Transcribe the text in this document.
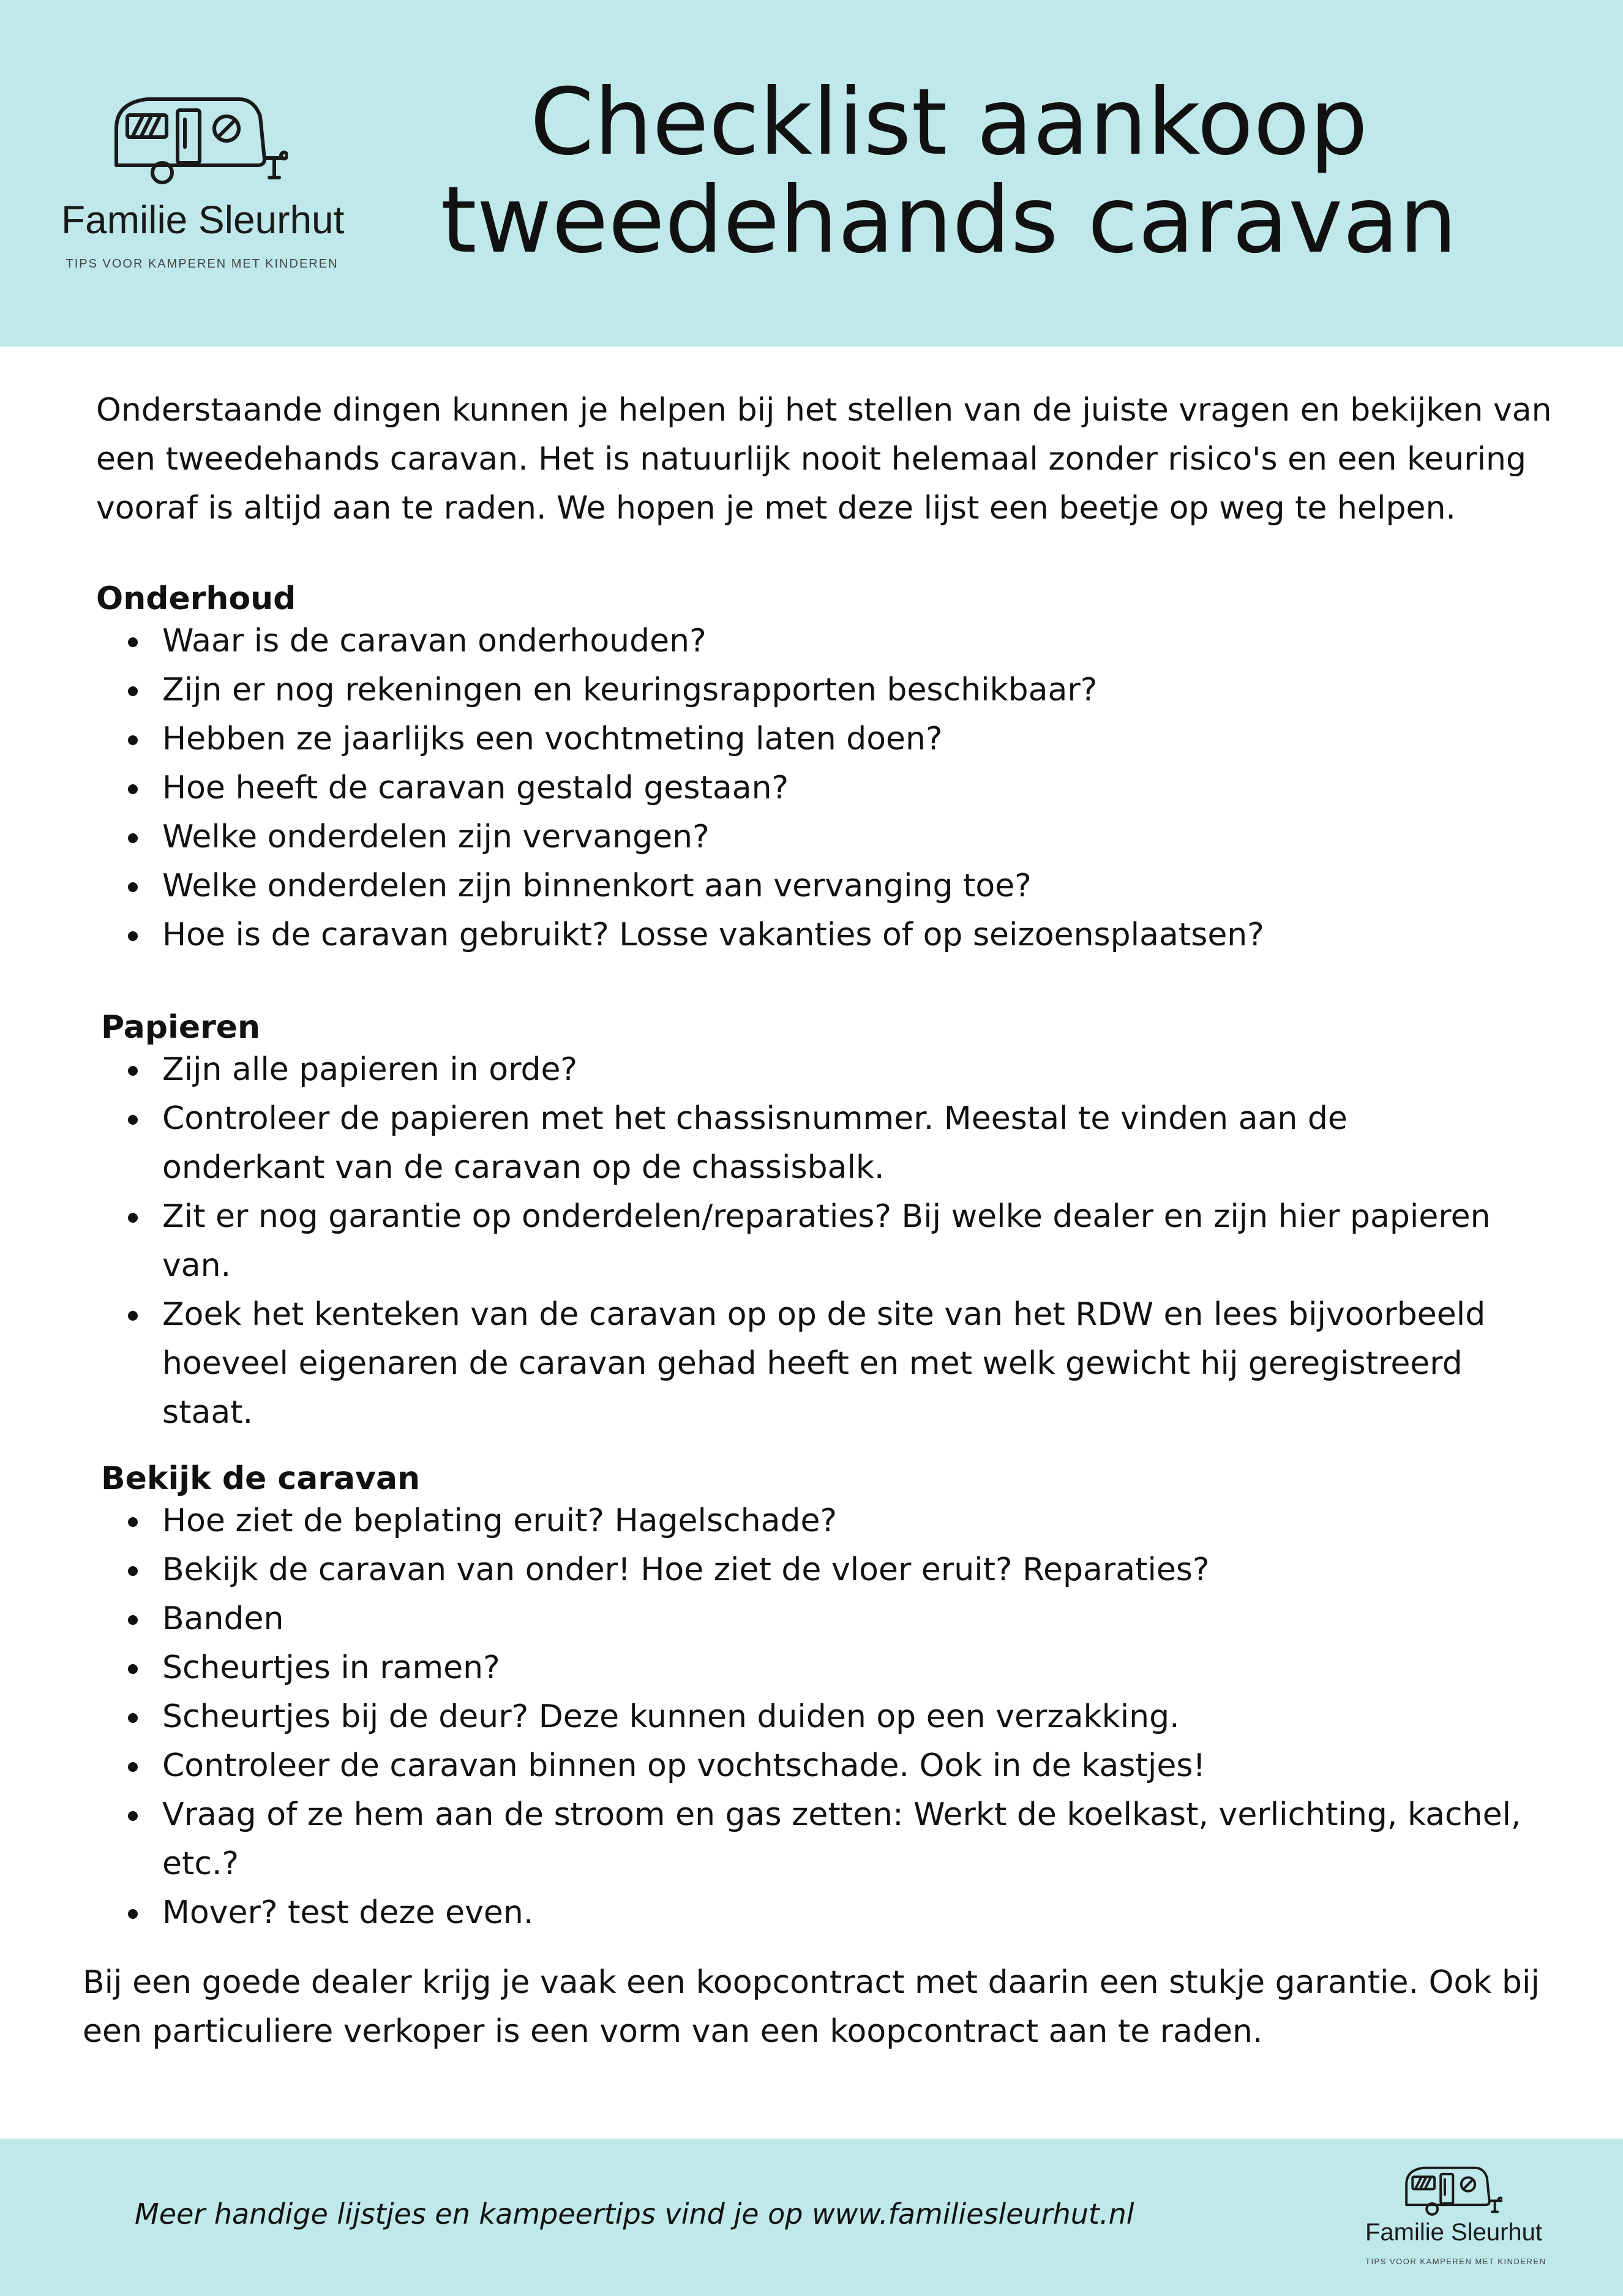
Familie Sleurhut
TIPS VOOR KAMPEREN MET KINDEREN
Checklist aankoop
tweedehands caravan

Onderstaande dingen kunnen je helpen bij het stellen van de juiste vragen en bekijken van een tweedehands caravan. Het is natuurlijk nooit helemaal zonder risico's en een keuring vooraf is altijd aan te raden. We hopen je met deze lijst een beetje op weg te helpen.

Onderhoud
Waar is de caravan onderhouden?
Zijn er nog rekeningen en keuringsrapporten beschikbaar?
Hebben ze jaarlijks een vochtmeting laten doen?
Hoe heeft de caravan gestald gestaan?
Welke onderdelen zijn vervangen?
Welke onderdelen zijn binnenkort aan vervanging toe?
Hoe is de caravan gebruikt? Losse vakanties of op seizoensplaatsen?
Papieren
Zijn alle papieren in orde?
Controleer de papieren met het chassisnummer. Meestal te vinden aan de onderkant van de caravan op de chassisbalk.
Zit er nog garantie op onderdelen/reparaties? Bij welke dealer en zijn hier papieren van.
Zoek het kenteken van de caravan op op de site van het RDW en lees bijvoorbeeld hoeveel eigenaren de caravan gehad heeft en met welk gewicht hij geregistreerd staat.
Bekijk de caravan
Hoe ziet de beplating eruit? Hagelschade?
Bekijk de caravan van onder! Hoe ziet de vloer eruit? Reparaties?
Banden
Scheurtjes in ramen?
Scheurtjes bij de deur? Deze kunnen duiden op een verzakking.
Controleer de caravan binnen op vochtschade. Ook in de kastjes!
Vraag of ze hem aan de stroom en gas zetten: Werkt de koelkast, verlichting, kachel, etc.?
Mover? test deze even.

Bij een goede dealer krijg je vaak een koopcontract met daarin een stukje garantie. Ook bij een particuliere verkoper is een vorm van een koopcontract aan te raden.

Meer handige lijstjes en kampeertips vind je op www.familiesleurhut.nl

Familie Sleurhut
TIPS VOOR KAMPEREN MET KINDEREN
